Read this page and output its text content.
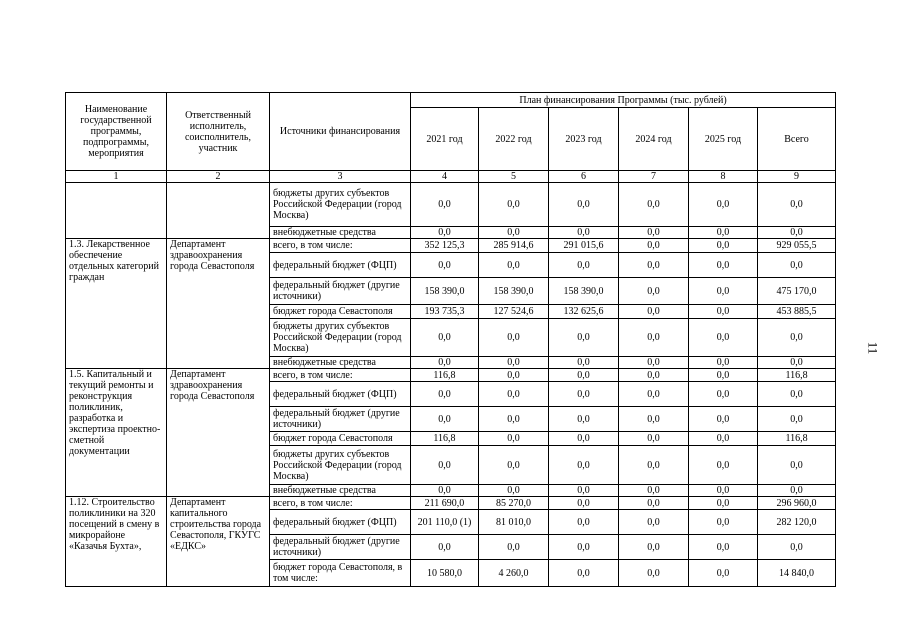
Наименование государственной программы, подпрограммы, мероприятия	Ответственный исполнитель, соисполнитель, участник	Источники финансирования	План финансирования Программы (тыс. рублей)					
			2021 год	2022 год	2023 год	2024 год	2025 год	Всего
1	2	3	4	5	6	7	8	9
		бюджеты других субъектов Российской Федерации (город Москва)	0,0	0,0	0,0	0,0	0,0	0,0
		внебюджетные средства	0,0	0,0	0,0	0,0	0,0	0,0
1.3. Лекарственное обеспечение отдельных категорий граждан	Департамент здравоохранения города Севастополя	всего, в том числе:	352 125,3	285 914,6	291 015,6	0,0	0,0	929 055,5
		федеральный бюджет (ФЦП)	0,0	0,0	0,0	0,0	0,0	0,0
		федеральный бюджет (другие источники)	158 390,0	158 390,0	158 390,0	0,0	0,0	475 170,0
		бюджет города Севастополя	193 735,3	127 524,6	132 625,6	0,0	0,0	453 885,5
		бюджеты других субъектов Российской Федерации (город Москва)	0,0	0,0	0,0	0,0	0,0	0,0
		внебюджетные средства	0,0	0,0	0,0	0,0	0,0	0,0
1.5. Капитальный и текущий ремонты и реконструкция поликлиник, разработка и экспертиза проектно-сметной документации	Департамент здравоохранения города Севастополя	всего, в том числе:	116,8	0,0	0,0	0,0	0,0	116,8
		федеральный бюджет (ФЦП)	0,0	0,0	0,0	0,0	0,0	0,0
		федеральный бюджет (другие источники)	0,0	0,0	0,0	0,0	0,0	0,0
		бюджет города Севастополя	116,8	0,0	0,0	0,0	0,0	116,8
		бюджеты других субъектов Российской Федерации (город Москва)	0,0	0,0	0,0	0,0	0,0	0,0
		внебюджетные средства	0,0	0,0	0,0	0,0	0,0	0,0
1.12. Строительство поликлиники на 320 посещений в смену в микрорайоне «Казачья Бухта»,	Департамент капитального строительства города Севастополя, ГКУГС «ЕДКС»	всего, в том числе:	211 690,0	85 270,0	0,0	0,0	0,0	296 960,0
		федеральный бюджет (ФЦП)	201 110,0 (1)	81 010,0	0,0	0,0	0,0	282 120,0
		федеральный бюджет (другие источники)	0,0	0,0	0,0	0,0	0,0	0,0
		бюджет города Севастополя, в том числе:	10 580,0	4 260,0	0,0	0,0	0,0	14 840,0
11
